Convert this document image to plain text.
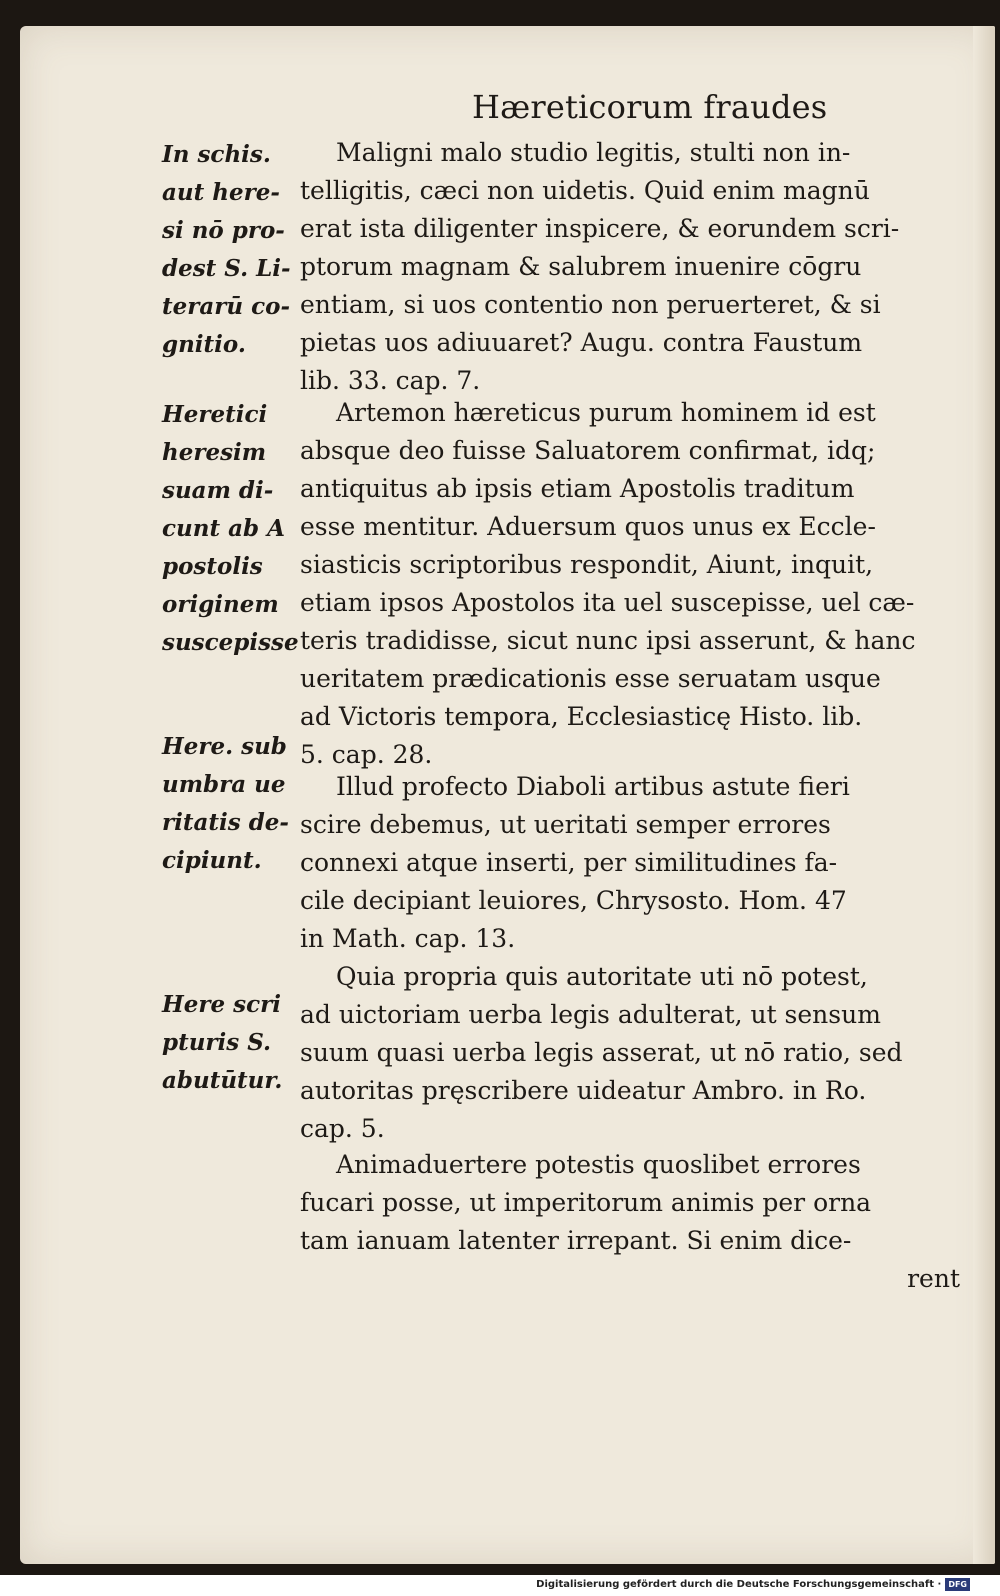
Hæreticorum fraudes
In schis.
aut here-
si nō pro-
dest S. Li-
terarū co-
gnitio.
Heretici
heresim
suam di-
cunt ab A
postolis
originem
suscepisse
Here. sub
umbra ue
ritatis de-
cipiunt.
Here scri
pturis S.
abutūtur.
Maligni malo studio legitis, stulti non in-
telligitis, cæci non uidetis. Quid enim magnū
erat ista diligenter inspicere, & eorundem scri-
ptorum magnam & salubrem inuenire cōgru
entiam, si uos contentio non peruerteret, & si
pietas uos adiuuaret? Augu. contra Faustum
lib. 33. cap. 7.
Artemon hæreticus purum hominem id est
absque deo fuisse Saluatorem confirmat, idq;
antiquitus ab ipsis etiam Apostolis traditum
esse mentitur. Aduersum quos unus ex Eccle-
siasticis scriptoribus respondit, Aiunt, inquit,
etiam ipsos Apostolos ita uel suscepisse, uel cæ-
teris tradidisse, sicut nunc ipsi asserunt, & hanc
ueritatem prædicationis esse seruatam usque
ad Victoris tempora, Ecclesiasticę Histo. lib.
5. cap. 28.
Illud profecto Diaboli artibus astute fieri
scire debemus, ut ueritati semper errores
connexi atque inserti, per similitudines fa-
cile decipiant leuiores, Chrysosto. Hom. 47
in Math. cap. 13.
Quia propria quis autoritate uti nō potest,
ad uictoriam uerba legis adulterat, ut sensum
suum quasi uerba legis asserat, ut nō ratio, sed
autoritas pręscribere uideatur Ambro. in Ro.
cap. 5.
Animaduertere potestis quoslibet errores
fucari posse, ut imperitorum animis per orna
tam ianuam latenter irrepant. Si enim dice-
rent
Digitalisierung gefördert durch die Deutsche Forschungsgemeinschaft · DFG
